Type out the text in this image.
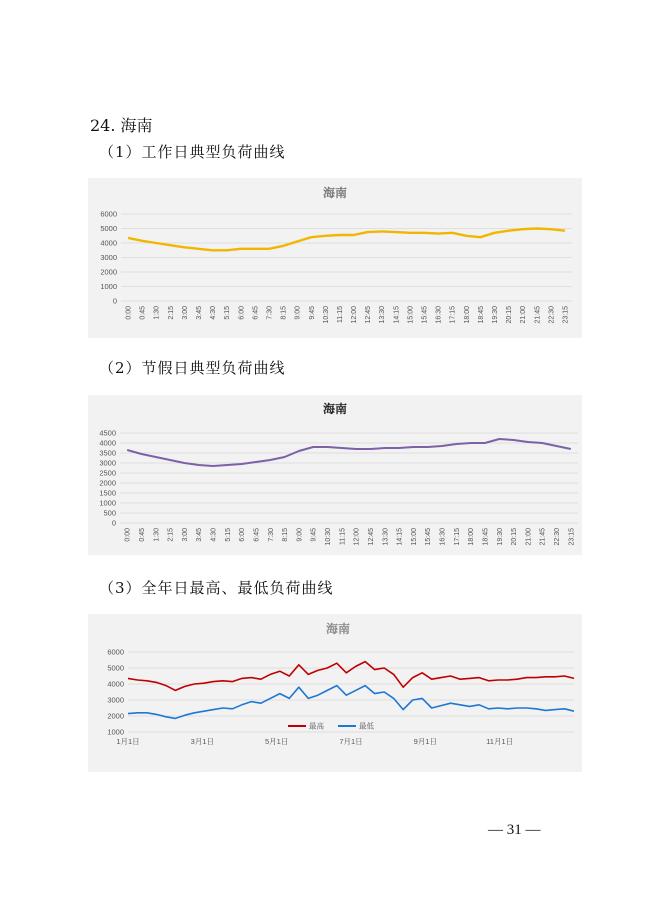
24. 海南
（1）工作日典型负荷曲线
海南
6000
5000
4000
3000
2000
1000
0
0:00 0:45 1:30 2:15 3:00 3:45 4:30 5:15 6:00 6:45 7:30 8:15 9:00 9:45 10:30 11:15 12:00 12:45 13:30 14:15 15:00 15:45 16:30 17:15 18:00 18:45 19:30 20:15 21:00 21:45 22:30 23:15
（2）节假日典型负荷曲线
海南
4500
4000
3500
3000
2500
2000
1500
1000
500
0
0:00 0:45 1:30 2:15 3:00 3:45 4:30 5:15 6:00 6:45 7:30 8:15 9:00 9:45 10:30 11:15 12:00 12:45 13:30 14:15 15:00 15:45 16:30 17:15 18:00 18:45 19:30 20:15 21:00 21:45 22:30 23:15
（3）全年日最高、最低负荷曲线
海南
6000
5000
4000
3000
2000
1000
1月1日	3月1日	5月1日	7月1日	9月1日	11月1日
最高	最低
— 31 —
